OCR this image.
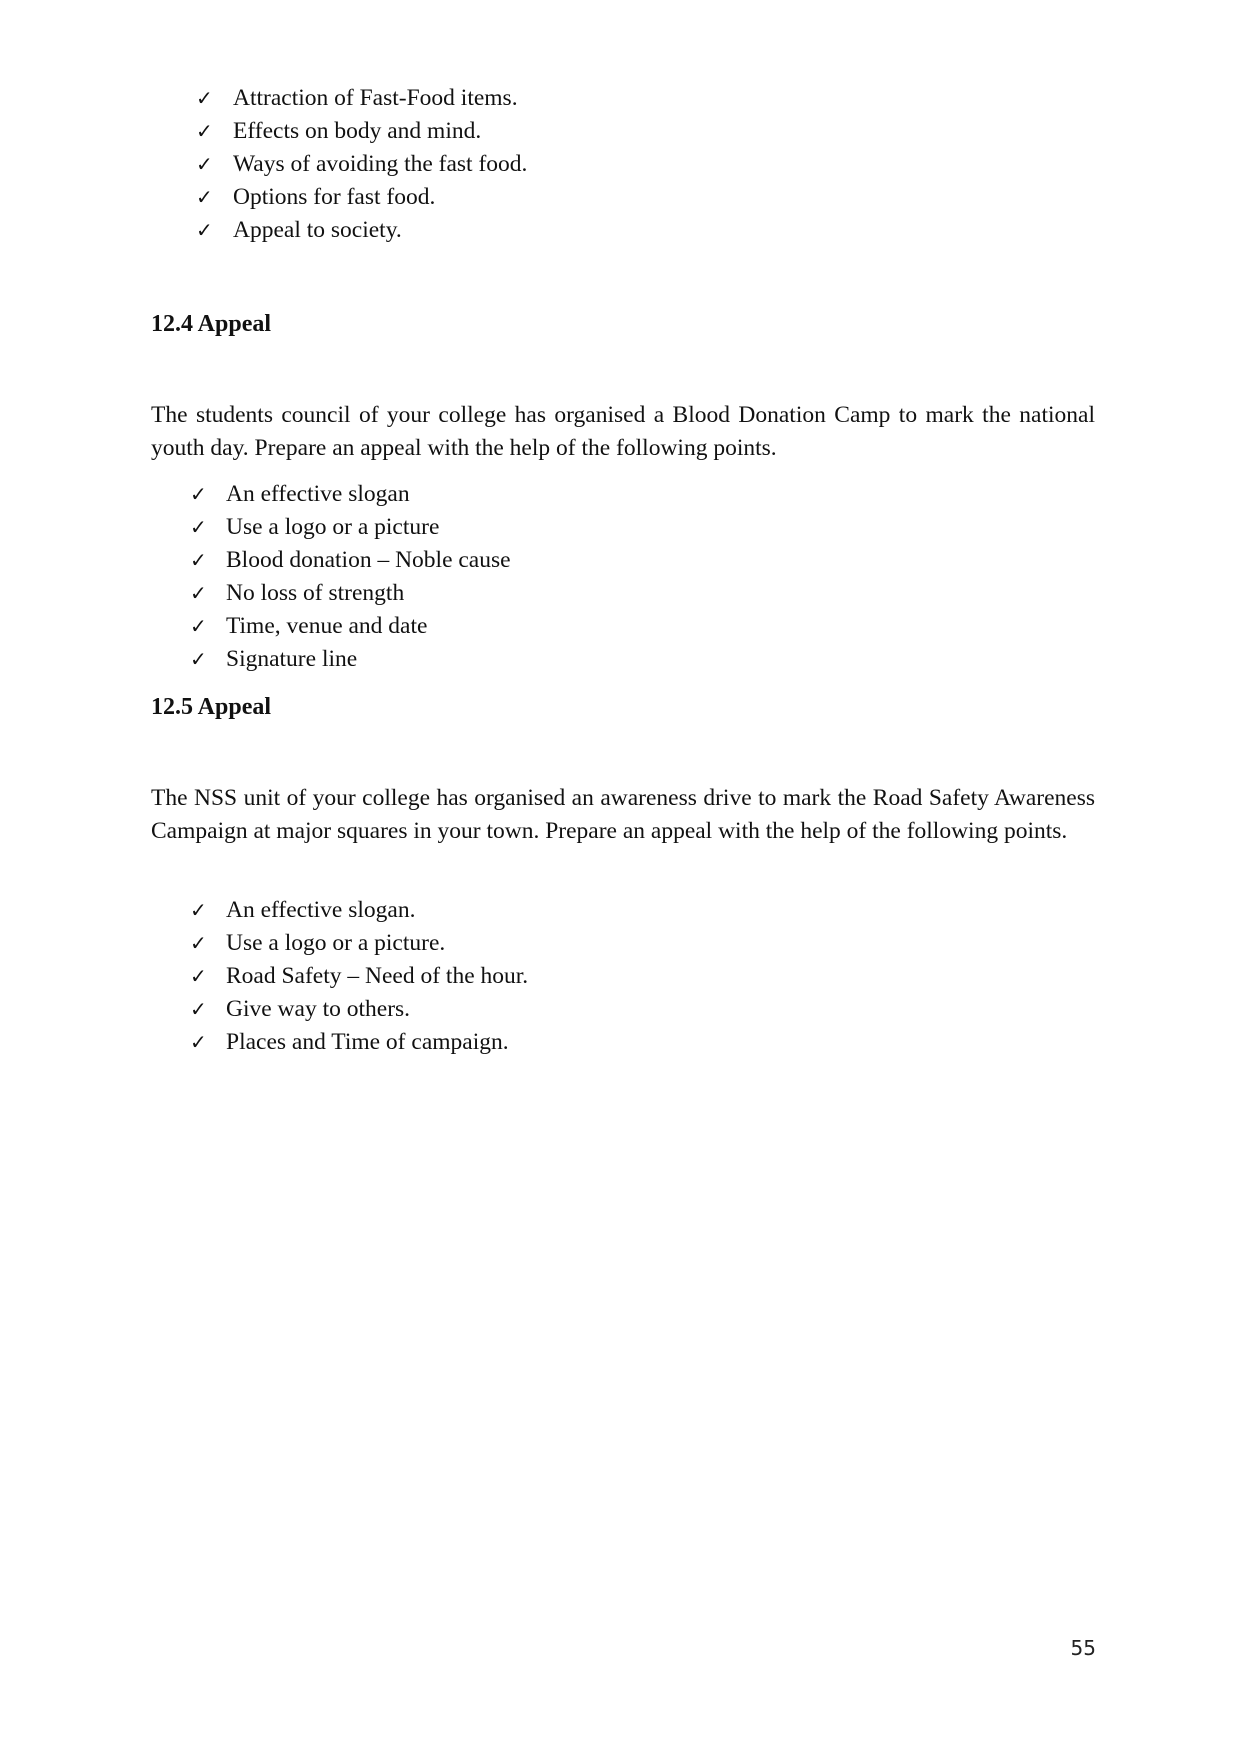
✓ Attraction of Fast-Food items.
✓ Effects on body and mind.
✓ Ways of avoiding the fast food.
✓ Options for fast food.
✓ Appeal to society.
12.4 Appeal

The students council of your college has organised a Blood Donation Camp to mark the national youth day. Prepare an appeal with the help of the following points.

✓ An effective slogan
✓ Use a logo or a picture
✓ Blood donation – Noble cause
✓ No loss of strength
✓ Time, venue and date
✓ Signature line
12.5 Appeal

The NSS unit of your college has organised an awareness drive to mark the Road Safety Awareness Campaign at major squares in your town. Prepare an appeal with the help of the following points.

✓ An effective slogan.
✓ Use a logo or a picture.
✓ Road Safety – Need of the hour.
✓ Give way to others.
✓ Places and Time of campaign.
55
